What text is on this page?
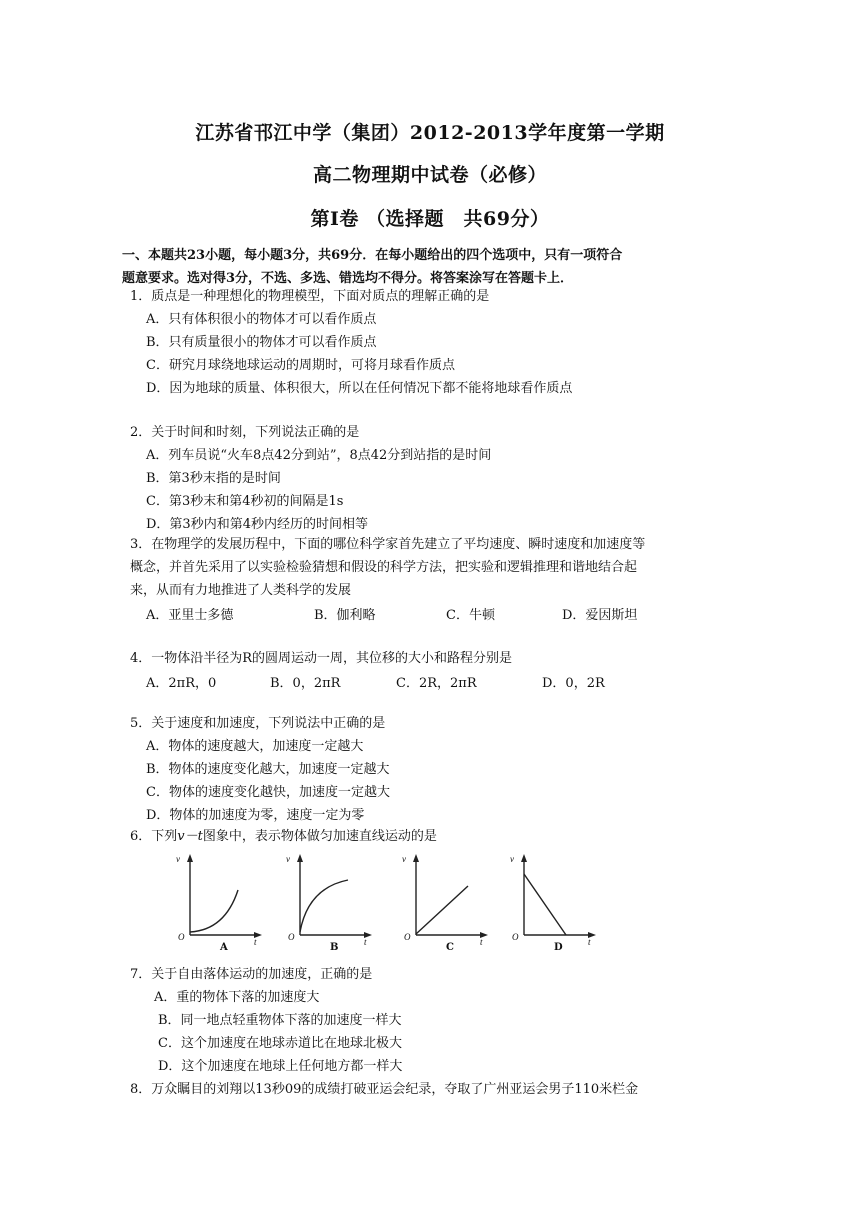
江苏省邗江中学（集团）2012-2013学年度第一学期
高二物理期中试卷（必修）
第Ⅰ卷 （选择题　共69分）
一、本题共23小题，每小题3分，共69分．在每小题给出的四个选项中，只有一项符合
题意要求。选对得3分，不选、多选、错选均不得分。将答案涂写在答题卡上．
1．质点是一种理想化的物理模型，下面对质点的理解正确的是
A．只有体积很小的物体才可以看作质点
B．只有质量很小的物体才可以看作质点
C．研究月球绕地球运动的周期时，可将月球看作质点
D．因为地球的质量、体积很大，所以在任何情况下都不能将地球看作质点
2．关于时间和时刻，下列说法正确的是
A．列车员说“火车8点42分到站”，8点42分到站指的是时间
B．第3秒末指的是时间
C．第3秒末和第4秒初的间隔是1s
D．第3秒内和第4秒内经历的时间相等
3．在物理学的发展历程中，下面的哪位科学家首先建立了平均速度、瞬时速度和加速度等
概念，并首先采用了以实验检验猜想和假设的科学方法，把实验和逻辑推理和谐地结合起
来，从而有力地推进了人类科学的发展
A．亚里士多德	B．伽利略	C．牛顿	D．爱因斯坦
4．一物体沿半径为R的圆周运动一周，其位移的大小和路程分别是
A．2πR，0	B．0，2πR	C．2R，2πR	D．0，2R
5．关于速度和加速度，下列说法中正确的是
A．物体的速度越大，加速度一定越大
B．物体的速度变化越大，加速度一定越大
C．物体的速度变化越快，加速度一定越大
D．物体的加速度为零，速度一定为零
6．下列v－t图象中，表示物体做匀加速直线运动的是
v
t
O
A
v
t
O
B
v
t
O
C
v
t
O
D
7．关于自由落体运动的加速度，正确的是
A．重的物体下落的加速度大
B．同一地点轻重物体下落的加速度一样大
C．这个加速度在地球赤道比在地球北极大
D．这个加速度在地球上任何地方都一样大
8．万众瞩目的刘翔以13秒09的成绩打破亚运会纪录，夺取了广州亚运会男子110米栏金
